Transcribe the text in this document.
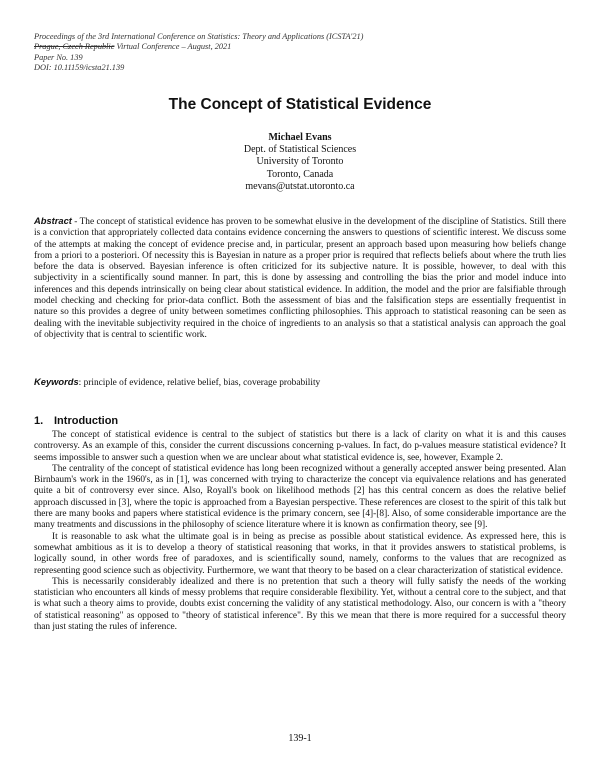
Proceedings of the 3rd International Conference on Statistics: Theory and Applications (ICSTA'21)
Prague, Czech Republic Virtual Conference – August, 2021
Paper No. 139
DOI: 10.11159/icsta21.139
The Concept of Statistical Evidence
Michael Evans
Dept. of Statistical Sciences
University of Toronto
Toronto, Canada
mevans@utstat.utoronto.ca
Abstract - The concept of statistical evidence has proven to be somewhat elusive in the development of the discipline of Statistics. Still there is a conviction that appropriately collected data contains evidence concerning the answers to questions of scientific interest. We discuss some of the attempts at making the concept of evidence precise and, in particular, present an approach based upon measuring how beliefs change from a priori to a posteriori. Of necessity this is Bayesian in nature as a proper prior is required that reflects beliefs about where the truth lies before the data is observed. Bayesian inference is often criticized for its subjective nature. It is possible, however, to deal with this subjectivity in a scientifically sound manner. In part, this is done by assessing and controlling the bias the prior and model induce into inferences and this depends intrinsically on being clear about statistical evidence. In addition, the model and the prior are falsifiable through model checking and checking for prior-data conflict. Both the assessment of bias and the falsification steps are essentially frequentist in nature so this provides a degree of unity between sometimes conflicting philosophies. This approach to statistical reasoning can be seen as dealing with the inevitable subjectivity required in the choice of ingredients to an analysis so that a statistical analysis can approach the goal of objectivity that is central to scientific work.
Keywords: principle of evidence, relative belief, bias, coverage probability
1. Introduction

The concept of statistical evidence is central to the subject of statistics but there is a lack of clarity on what it is and this causes controversy. As an example of this, consider the current discussions concerning p-values. In fact, do p-values measure statistical evidence? It seems impossible to answer such a question when we are unclear about what statistical evidence is, see, however, Example 2.

The centrality of the concept of statistical evidence has long been recognized without a generally accepted answer being presented. Alan Birnbaum's work in the 1960's, as in [1], was concerned with trying to characterize the concept via equivalence relations and has generated quite a bit of controversy ever since. Also, Royall's book on likelihood methods [2] has this central concern as does the relative belief approach discussed in [3], where the topic is approached from a Bayesian perspective. These references are closest to the spirit of this talk but there are many books and papers where statistical evidence is the primary concern, see [4]-[8]. Also, of some considerable importance are the many treatments and discussions in the philosophy of science literature where it is known as confirmation theory, see [9].

It is reasonable to ask what the ultimate goal is in being as precise as possible about statistical evidence. As expressed here, this is somewhat ambitious as it is to develop a theory of statistical reasoning that works, in that it provides answers to statistical problems, is logically sound, in other words free of paradoxes, and is scientifically sound, namely, conforms to the values that are recognized as representing good science such as objectivity. Furthermore, we want that theory to be based on a clear characterization of statistical evidence.

This is necessarily considerably idealized and there is no pretention that such a theory will fully satisfy the needs of the working statistician who encounters all kinds of messy problems that require considerable flexibility. Yet, without a central core to the subject, and that is what such a theory aims to provide, doubts exist concerning the validity of any statistical methodology. Also, our concern is with a "theory of statistical reasoning" as opposed to "theory of statistical inference". By this we mean that there is more required for a successful theory than just stating the rules of inference.

139-1
